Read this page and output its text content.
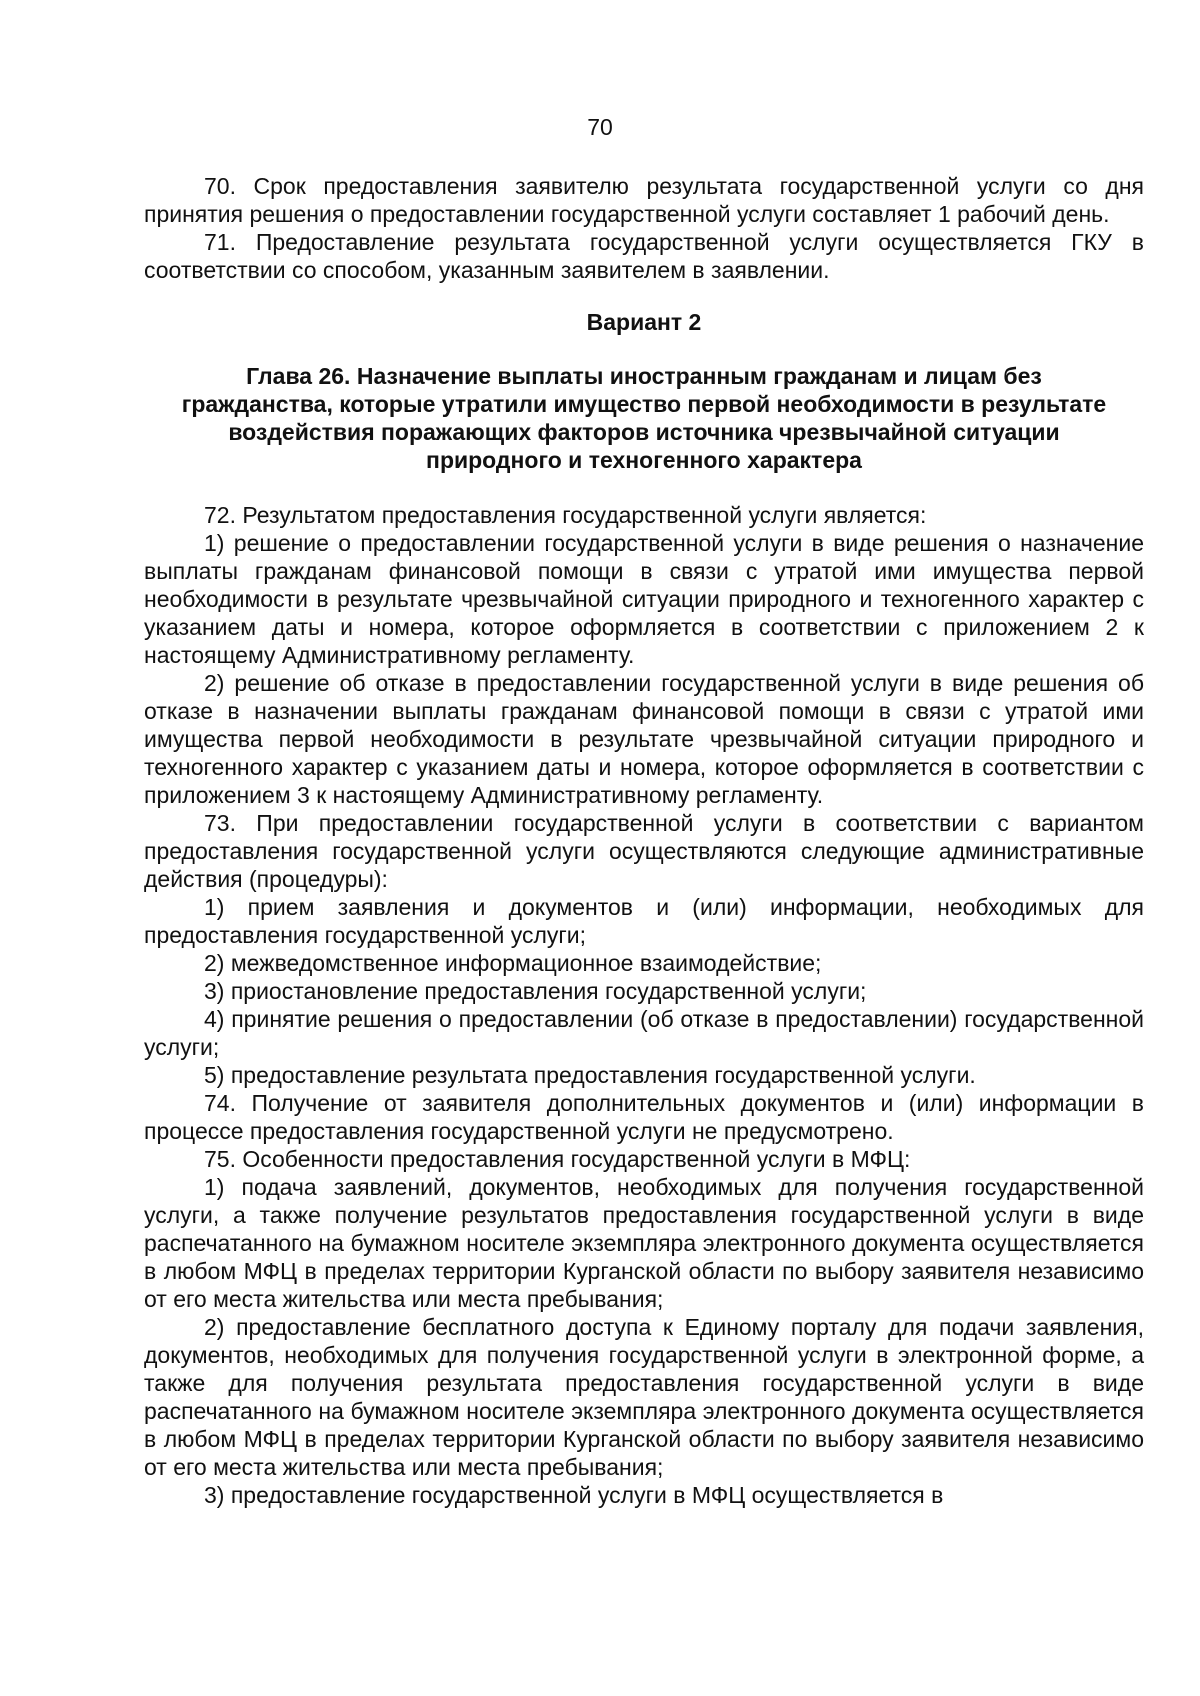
70

70. Срок предоставления заявителю результата государственной услуги со дня принятия решения о предоставлении государственной услуги составляет 1 рабочий день.

71. Предоставление результата государственной услуги осуществляется ГКУ в соответствии со способом, указанным заявителем в заявлении.

Вариант 2

Глава 26. Назначение выплаты иностранным гражданам и лицам без
гражданства, которые утратили имущество первой необходимости в результате
воздействия поражающих факторов источника чрезвычайной ситуации
природного и техногенного характера

72. Результатом предоставления государственной услуги является:

1) решение о предоставлении государственной услуги в виде решения о назначение выплаты гражданам финансовой помощи в связи с утратой ими имущества первой необходимости в результате чрезвычайной ситуации природного и техногенного характер с указанием даты и номера, которое оформляется в соответствии с приложением 2 к настоящему Административному регламенту.

2) решение об отказе в предоставлении государственной услуги в виде решения об отказе в назначении выплаты гражданам финансовой помощи в связи с утратой ими имущества первой необходимости в результате чрезвычайной ситуации природного и техногенного характер с указанием даты и номера, которое оформляется в соответствии с приложением 3 к настоящему Административному регламенту.

73. При предоставлении государственной услуги в соответствии с вариантом предоставления государственной услуги осуществляются следующие административные действия (процедуры):

1) прием заявления и документов и (или) информации, необходимых для предоставления государственной услуги;

2) межведомственное информационное взаимодействие;

3) приостановление предоставления государственной услуги;

4) принятие решения о предоставлении (об отказе в предоставлении) государственной услуги;

5) предоставление результата предоставления государственной услуги.

74. Получение от заявителя дополнительных документов и (или) информации в процессе предоставления государственной услуги не предусмотрено.

75. Особенности предоставления государственной услуги в МФЦ:

1) подача заявлений, документов, необходимых для получения государственной услуги, а также получение результатов предоставления государственной услуги в виде распечатанного на бумажном носителе экземпляра электронного документа осуществляется в любом МФЦ в пределах территории Курганской области по выбору заявителя независимо от его места жительства или места пребывания;

2) предоставление бесплатного доступа к Единому порталу для подачи заявления, документов, необходимых для получения государственной услуги в электронной форме, а также для получения результата предоставления государственной услуги в виде распечатанного на бумажном носителе экземпляра электронного документа осуществляется в любом МФЦ в пределах территории Курганской области по выбору заявителя независимо от его места жительства или места пребывания;

3) предоставление государственной услуги в МФЦ осуществляется в
